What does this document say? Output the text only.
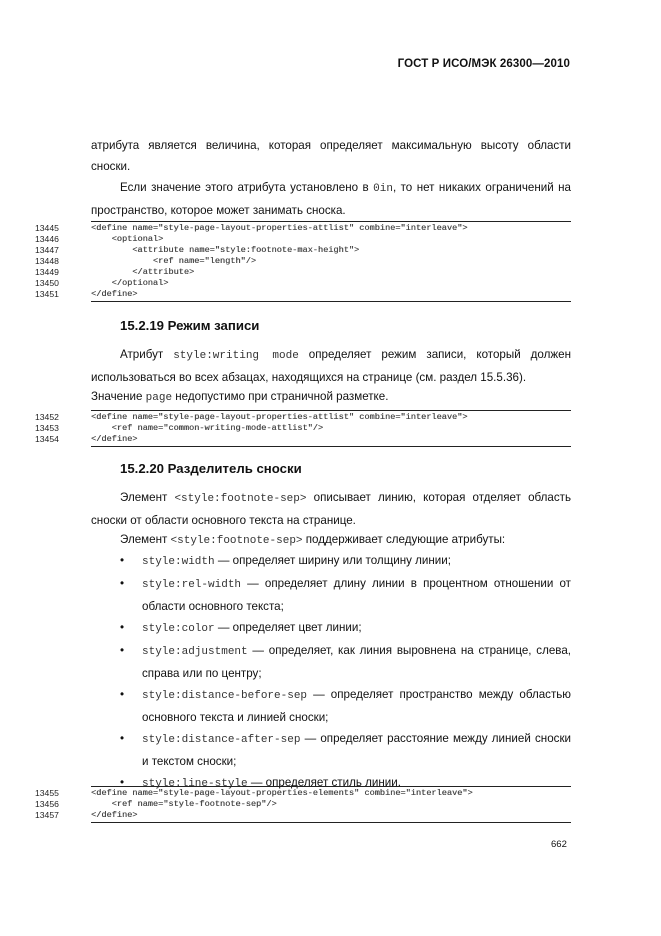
ГОСТ Р ИСО/МЭК 26300—2010
атрибута является величина, которая определяет максимальную высоту области сноски.
Если значение этого атрибута установлено в 0in, то нет никаких ограничений на пространство, которое может занимать сноска.
13445	<define name="style-page-layout-properties-attlist" combine="interleave">
13446	<optional>
13447	<attribute name="style:footnote-max-height">
13448	<ref name="length"/>
13449	</attribute>
13450	</optional>
13451	</define>
15.2.19 Режим записи
Атрибут style:writing mode определяет режим записи, который должен использоваться во всех абзацах, находящихся на странице (см. раздел 15.5.36).
Значение page недопустимо при страничной разметке.
13452	<define name="style-page-layout-properties-attlist" combine="interleave">
13453	<ref name="common-writing-mode-attlist"/>
13454	</define>
15.2.20 Разделитель сноски
Элемент <style:footnote-sep> описывает линию, которая отделяет область сноски от области основного текста на странице.
Элемент <style:footnote-sep> поддерживает следующие атрибуты:
• style:width — определяет ширину или толщину линии;
• style:rel-width — определяет длину линии в процентном отношении от области основного текста;
• style:color — определяет цвет линии;
• style:adjustment — определяет, как линия выровнена на странице, слева, справа или по центру;
• style:distance-before-sep — определяет пространство между областью основного текста и линией сноски;
• style:distance-after-sep — определяет расстояние между линией сноски и текстом сноски;
• style:line-style — определяет стиль линии.
13455	<define name="style-page-layout-properties-elements" combine="interleave">
13456	<ref name="style-footnote-sep"/>
13457	</define>
662
